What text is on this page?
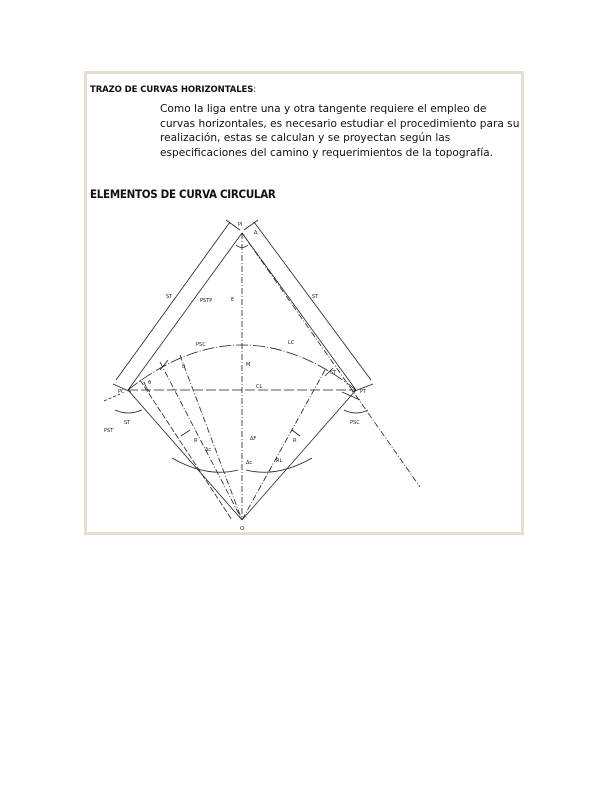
TRAZO DE CURVAS HORIZONTALES:
Como la liga entre una y otra tangente requiere el empleo de
curvas horizontales, es necesario estudiar el procedimiento para su
realización, estas se calculan y se proyectan según las
especificaciones del camino y requerimientos de la topografía.
ELEMENTOS DE CURVA CIRCULAR
PI
Δ
ST	ST
PSTP	E
PSC	LC
M
θ
PC	PT
CL
θ
PST
PSC
R	R
Δc
Δc
O
ST
ST
ΔF
RL
